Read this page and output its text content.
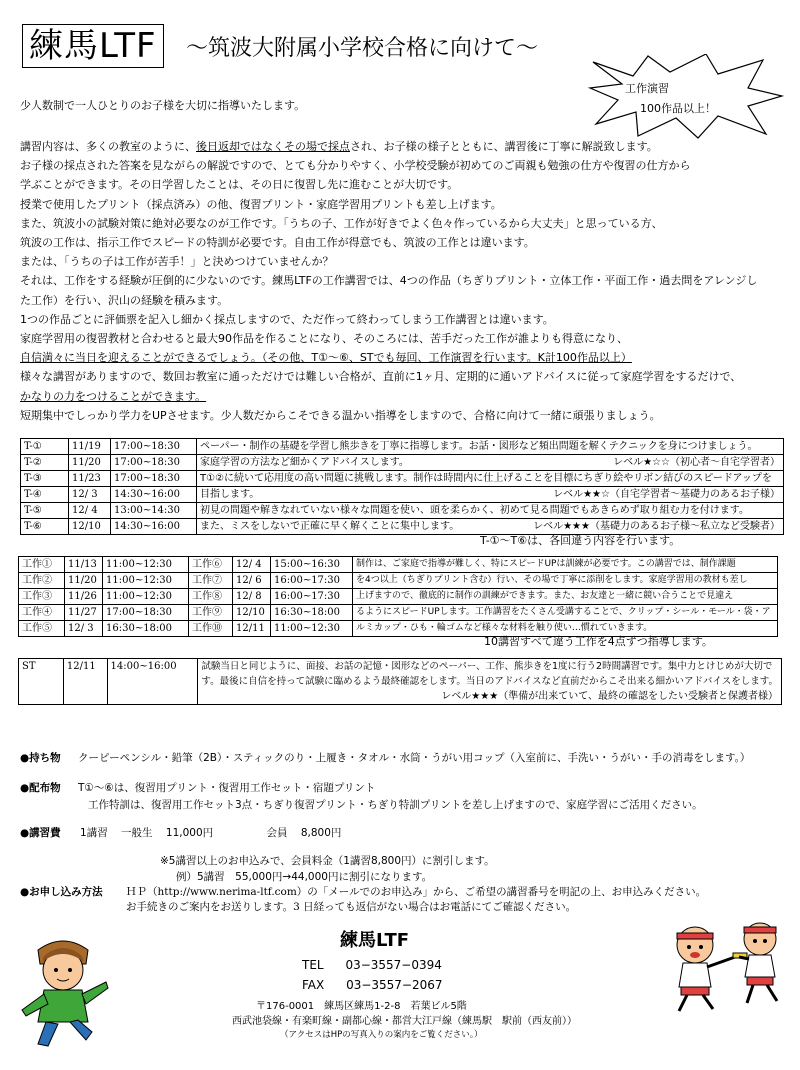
練馬LTF	〜筑波大附属小学校合格に向けて〜
工作演習
100作品以上！
少人数制で一人ひとりのお子様を大切に指導いたします。
講習内容は、多くの教室のように、後日返却ではなくその場で採点され、お子様の様子とともに、講習後に丁寧に解説致します。
お子様の採点された答案を見ながらの解説ですので、とても分かりやすく、小学校受験が初めてのご両親も勉強の仕方や復習の仕方から
学ぶことができます。その日学習したことは、その日に復習し先に進むことが大切です。
授業で使用したプリント（採点済み）の他、復習プリント・家庭学習用プリントも差し上げます。
また、筑波小の試験対策に絶対必要なのが工作です。「うちの子、工作が好きでよく色々作っているから大丈夫」と思っている方、
筑波の工作は、指示工作でスピードの特訓が必要です。自由工作が得意でも、筑波の工作とは違います。
または、「うちの子は工作が苦手！」と決めつけていませんか？
それは、工作をする経験が圧倒的に少ないのです。練馬LTFの工作講習では、4つの作品（ちぎりプリント・立体工作・平面工作・過去問をアレンジし
た工作）を行い、沢山の経験を積みます。
1つの作品ごとに評価票を記入し細かく採点しますので、ただ作って終わってしまう工作講習とは違います。
家庭学習用の復習教材と合わせると最大90作品を作ることになり、そのころには、苦手だった工作が誰よりも得意になり、
自信満々に当日を迎えることができるでしょう。（その他、T①〜⑥、STでも毎回、工作演習を行います。K計100作品以上）
様々な講習がありますので、数回お教室に通っただけでは難しい合格が、直前に1ヶ月、定期的に通いアドバイスに従って家庭学習をするだけで、
かなりの力をつけることができます。
短期集中でしっかり学力をUPさせます。少人数だからこそできる温かい指導をしますので、合格に向けて一緒に頑張りましょう。
T-①	11/19	17:00~18:30	ペーパー・制作の基礎を学習し熊歩きを丁寧に指導します。お話・図形など頻出問題を解くテクニックを身につけましょう。
T-②	11/20	17:00~18:30	家庭学習の方法など細かくアドバイスします。 レベル★☆☆（初心者〜自宅学習者）

T-③	11/23	17:00~18:30	T①②に続いて応用度の高い問題に挑戦します。制作は時間内に仕上げることを目標にちぎり絵やリボン結びのスピードアップを
T-④	12/ 3	14:30~16:00	目指します。 レベル★★☆（自宅学習者〜基礎力のあるお子様）

T-⑤	12/ 4	13:00~14:30	初見の問題や解きなれていない様々な問題を使い、頭を柔らかく、初めて見る問題でもあきらめず取り組む力を付けます。
T-⑥	12/10	14:30~16:00	また、ミスをしないで正確に早く解くことに集中します。 レベル★★★（基礎力のあるお子様〜私立など受験者）
T-①〜T⑥は、各回違う内容を行います。
工作①	11/13	11:00~12:30	工作⑥	12/ 4	15:00~16:30	制作は、ご家庭で指導が難しく、特にスピードUPは訓練が必要です。この講習では、制作課題
工作②	11/20	11:00~12:30	工作⑦	12/ 6	16:00~17:30	を4つ以上（ちぎりプリント含む）行い、その場で丁寧に添削をします。家庭学習用の教材も差し
工作③	11/26	11:00~12:30	工作⑧	12/ 8	16:00~17:30	上げますので、徹底的に制作の訓練ができます。また、お友達と一緒に競い合うことで見違え
工作④	11/27	17:00~18:30	工作⑨	12/10	16:30~18:00	るようにスピードUPします。工作講習をたくさん受講することで、クリップ・シール・モール・袋・ア
工作⑤	12/ 3	16:30~18:00	工作⑩	12/11	11:00~12:30	ルミカップ・ひも・輪ゴムなど様々な材料を触り使い…慣れていきます。
10講習すべて違う工作を4点ずつ指導します。
ST	12/11	14:00~16:00	試験当日と同じように、面接、お話の記憶・図形などのペーパー、工作、熊歩きを1度に行う2時間講習です。集中力とけじめが大切で
す。最後に自信を持って試験に臨めるよう最終確認をします。当日のアドバイスなど直前だからこそ出来る細かいアドバイスをします。
レベル★★★（準備が出来ていて、最終の確認をしたい受験者と保護者様）
●持ち物 クーピーペンシル・鉛筆（2B）・スティックのり・上履き・タオル・水筒・うがい用コップ（入室前に、手洗い・うがい・手の消毒をします。）
●配布物 T①〜⑥は、復習用プリント・復習用工作セット・宿題プリント
工作特訓は、復習用工作セット3点・ちぎり復習プリント・ちぎり特訓プリントを差し上げますので、家庭学習にご活用ください。
●講習費 1講習 一般生 11,000円	会員 8,800円
※5講習以上のお申込みで、会員料金（1講習8,800円）に割引します。
例）5講習　55,000円→44,000円に割引になります。
●お申し込み方法 ＨＰ（http://www.nerima-ltf.com）の「メールでのお申込み」から、ご希望の講習番号を明記の上、お申込みください。
お手続きのご案内をお送りします。3 日経っても返信がない場合はお電話にてご確認ください。
練馬LTF
TEL 03−3557−0394
FAX 03−3557−2067
〒176-0001　練馬区練馬1-2-8　若葉ビル5階
西武池袋線・有楽町線・副都心線・都営大江戸線（練馬駅　駅前（西友前））
（アクセスはHPの写真入りの案内をご覧ください。）
